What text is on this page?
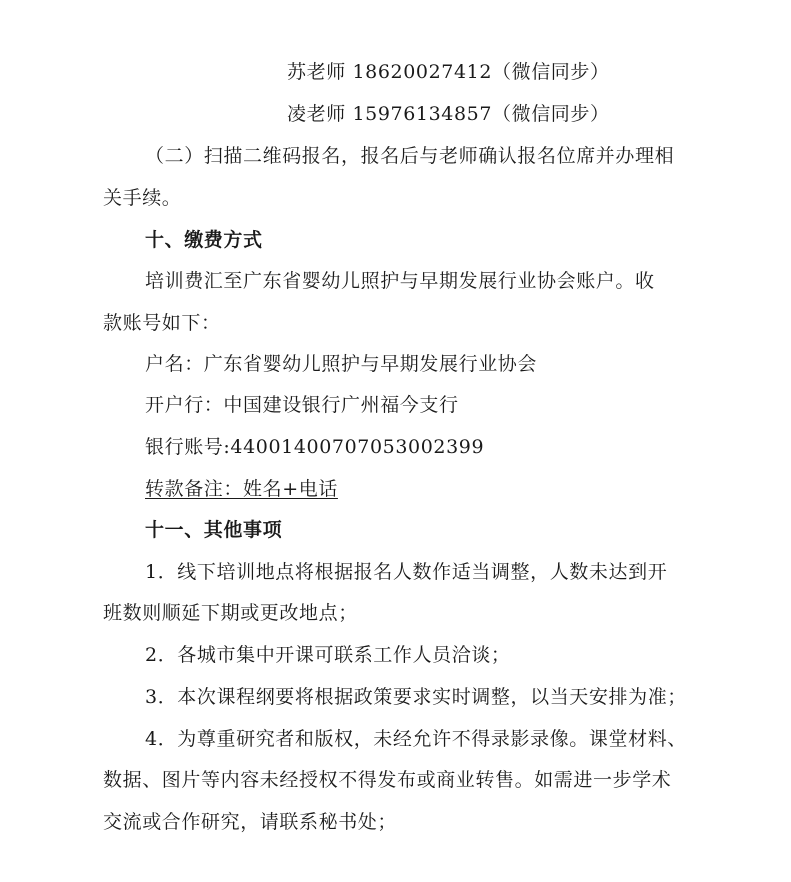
苏老师 18620027412（微信同步）
凌老师 15976134857（微信同步）
（二）扫描二维码报名，报名后与老师确认报名位席并办理相
关手续。
十、缴费方式
培训费汇至广东省婴幼儿照护与早期发展行业协会账户。收
款账号如下：
户名：广东省婴幼儿照护与早期发展行业协会
开户行：中国建设银行广州福今支行
银行账号:44001400707053002399
转款备注：姓名+电话
十一、其他事项
1．线下培训地点将根据报名人数作适当调整，人数未达到开
班数则顺延下期或更改地点；
2．各城市集中开课可联系工作人员洽谈；
3．本次课程纲要将根据政策要求实时调整，以当天安排为准；
4．为尊重研究者和版权，未经允许不得录影录像。课堂材料、
数据、图片等内容未经授权不得发布或商业转售。如需进一步学术
交流或合作研究，请联系秘书处；
